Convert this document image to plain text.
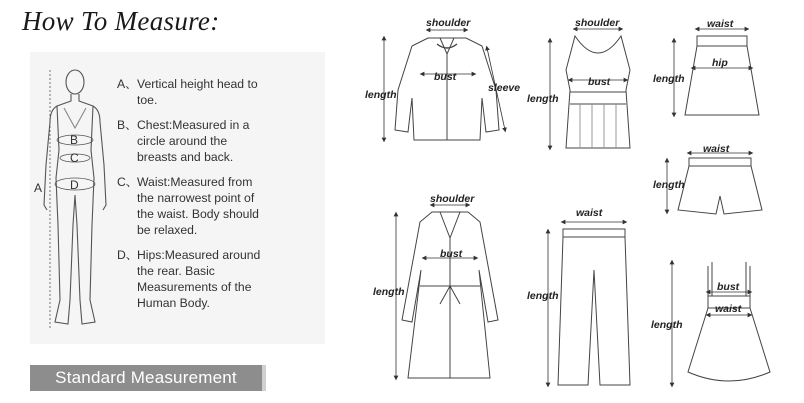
How To Measure:
A、 Vertical height head to toe.
B、 Chest:Measured in a circle around the breasts and back.
C、 Waist:Measured from the narrowest point of the waist. Body should be relaxed.
D、 Hips:Measured around the rear. Basic Measurements of the Human Body.
Standard Measurement
A
B
C
D
shoulder
bust
length
sleeve
shoulder
bust
length
waist
hip
length
waist
length
shoulder
bust
length
waist
length
bust
waist
length
